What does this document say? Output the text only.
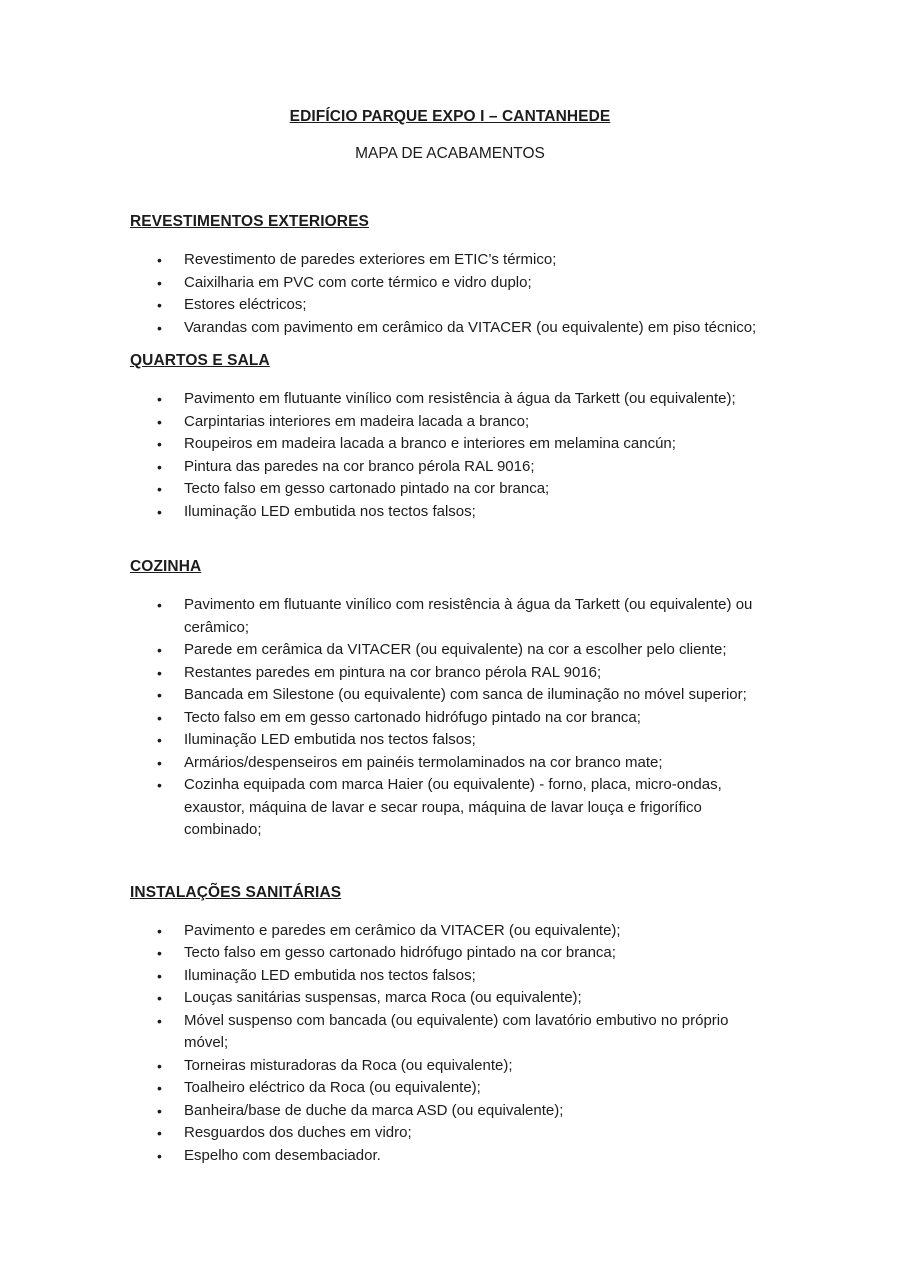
EDIFÍCIO PARQUE EXPO I – CANTANHEDE

MAPA DE ACABAMENTOS

REVESTIMENTOS EXTERIORES
• Revestimento de paredes exteriores em ETIC’s térmico;
• Caixilharia em PVC com corte térmico e vidro duplo;
• Estores eléctricos;
• Varandas com pavimento em cerâmico da VITACER (ou equivalente) em piso técnico;
QUARTOS E SALA
• Pavimento em flutuante vinílico com resistência à água da Tarkett (ou equivalente);
• Carpintarias interiores em madeira lacada a branco;
• Roupeiros em madeira lacada a branco e interiores em melamina cancún;
• Pintura das paredes na cor branco pérola RAL 9016;
• Tecto falso em gesso cartonado pintado na cor branca;
• Iluminação LED embutida nos tectos falsos;
COZINHA
• Pavimento em flutuante vinílico com resistência à água da Tarkett (ou equivalente) ou cerâmico;
• Parede em cerâmica da VITACER (ou equivalente) na cor a escolher pelo cliente;
• Restantes paredes em pintura na cor branco pérola RAL 9016;
• Bancada em Silestone (ou equivalente) com sanca de iluminação no móvel superior;
• Tecto falso em em gesso cartonado hidrófugo pintado na cor branca;
• Iluminação LED embutida nos tectos falsos;
• Armários/despenseiros em painéis termolaminados na cor branco mate;
• Cozinha equipada com marca Haier (ou equivalente) - forno, placa, micro-ondas, exaustor, máquina de lavar e secar roupa, máquina de lavar louça e frigorífico combinado;
INSTALAÇÕES SANITÁRIAS
• Pavimento e paredes em cerâmico da VITACER (ou equivalente);
• Tecto falso em gesso cartonado hidrófugo pintado na cor branca;
• Iluminação LED embutida nos tectos falsos;
• Louças sanitárias suspensas, marca Roca (ou equivalente);
• Móvel suspenso com bancada (ou equivalente) com lavatório embutivo no próprio móvel;
• Torneiras misturadoras da Roca (ou equivalente);
• Toalheiro eléctrico da Roca (ou equivalente);
• Banheira/base de duche da marca ASD (ou equivalente);
• Resguardos dos duches em vidro;
• Espelho com desembaciador.
